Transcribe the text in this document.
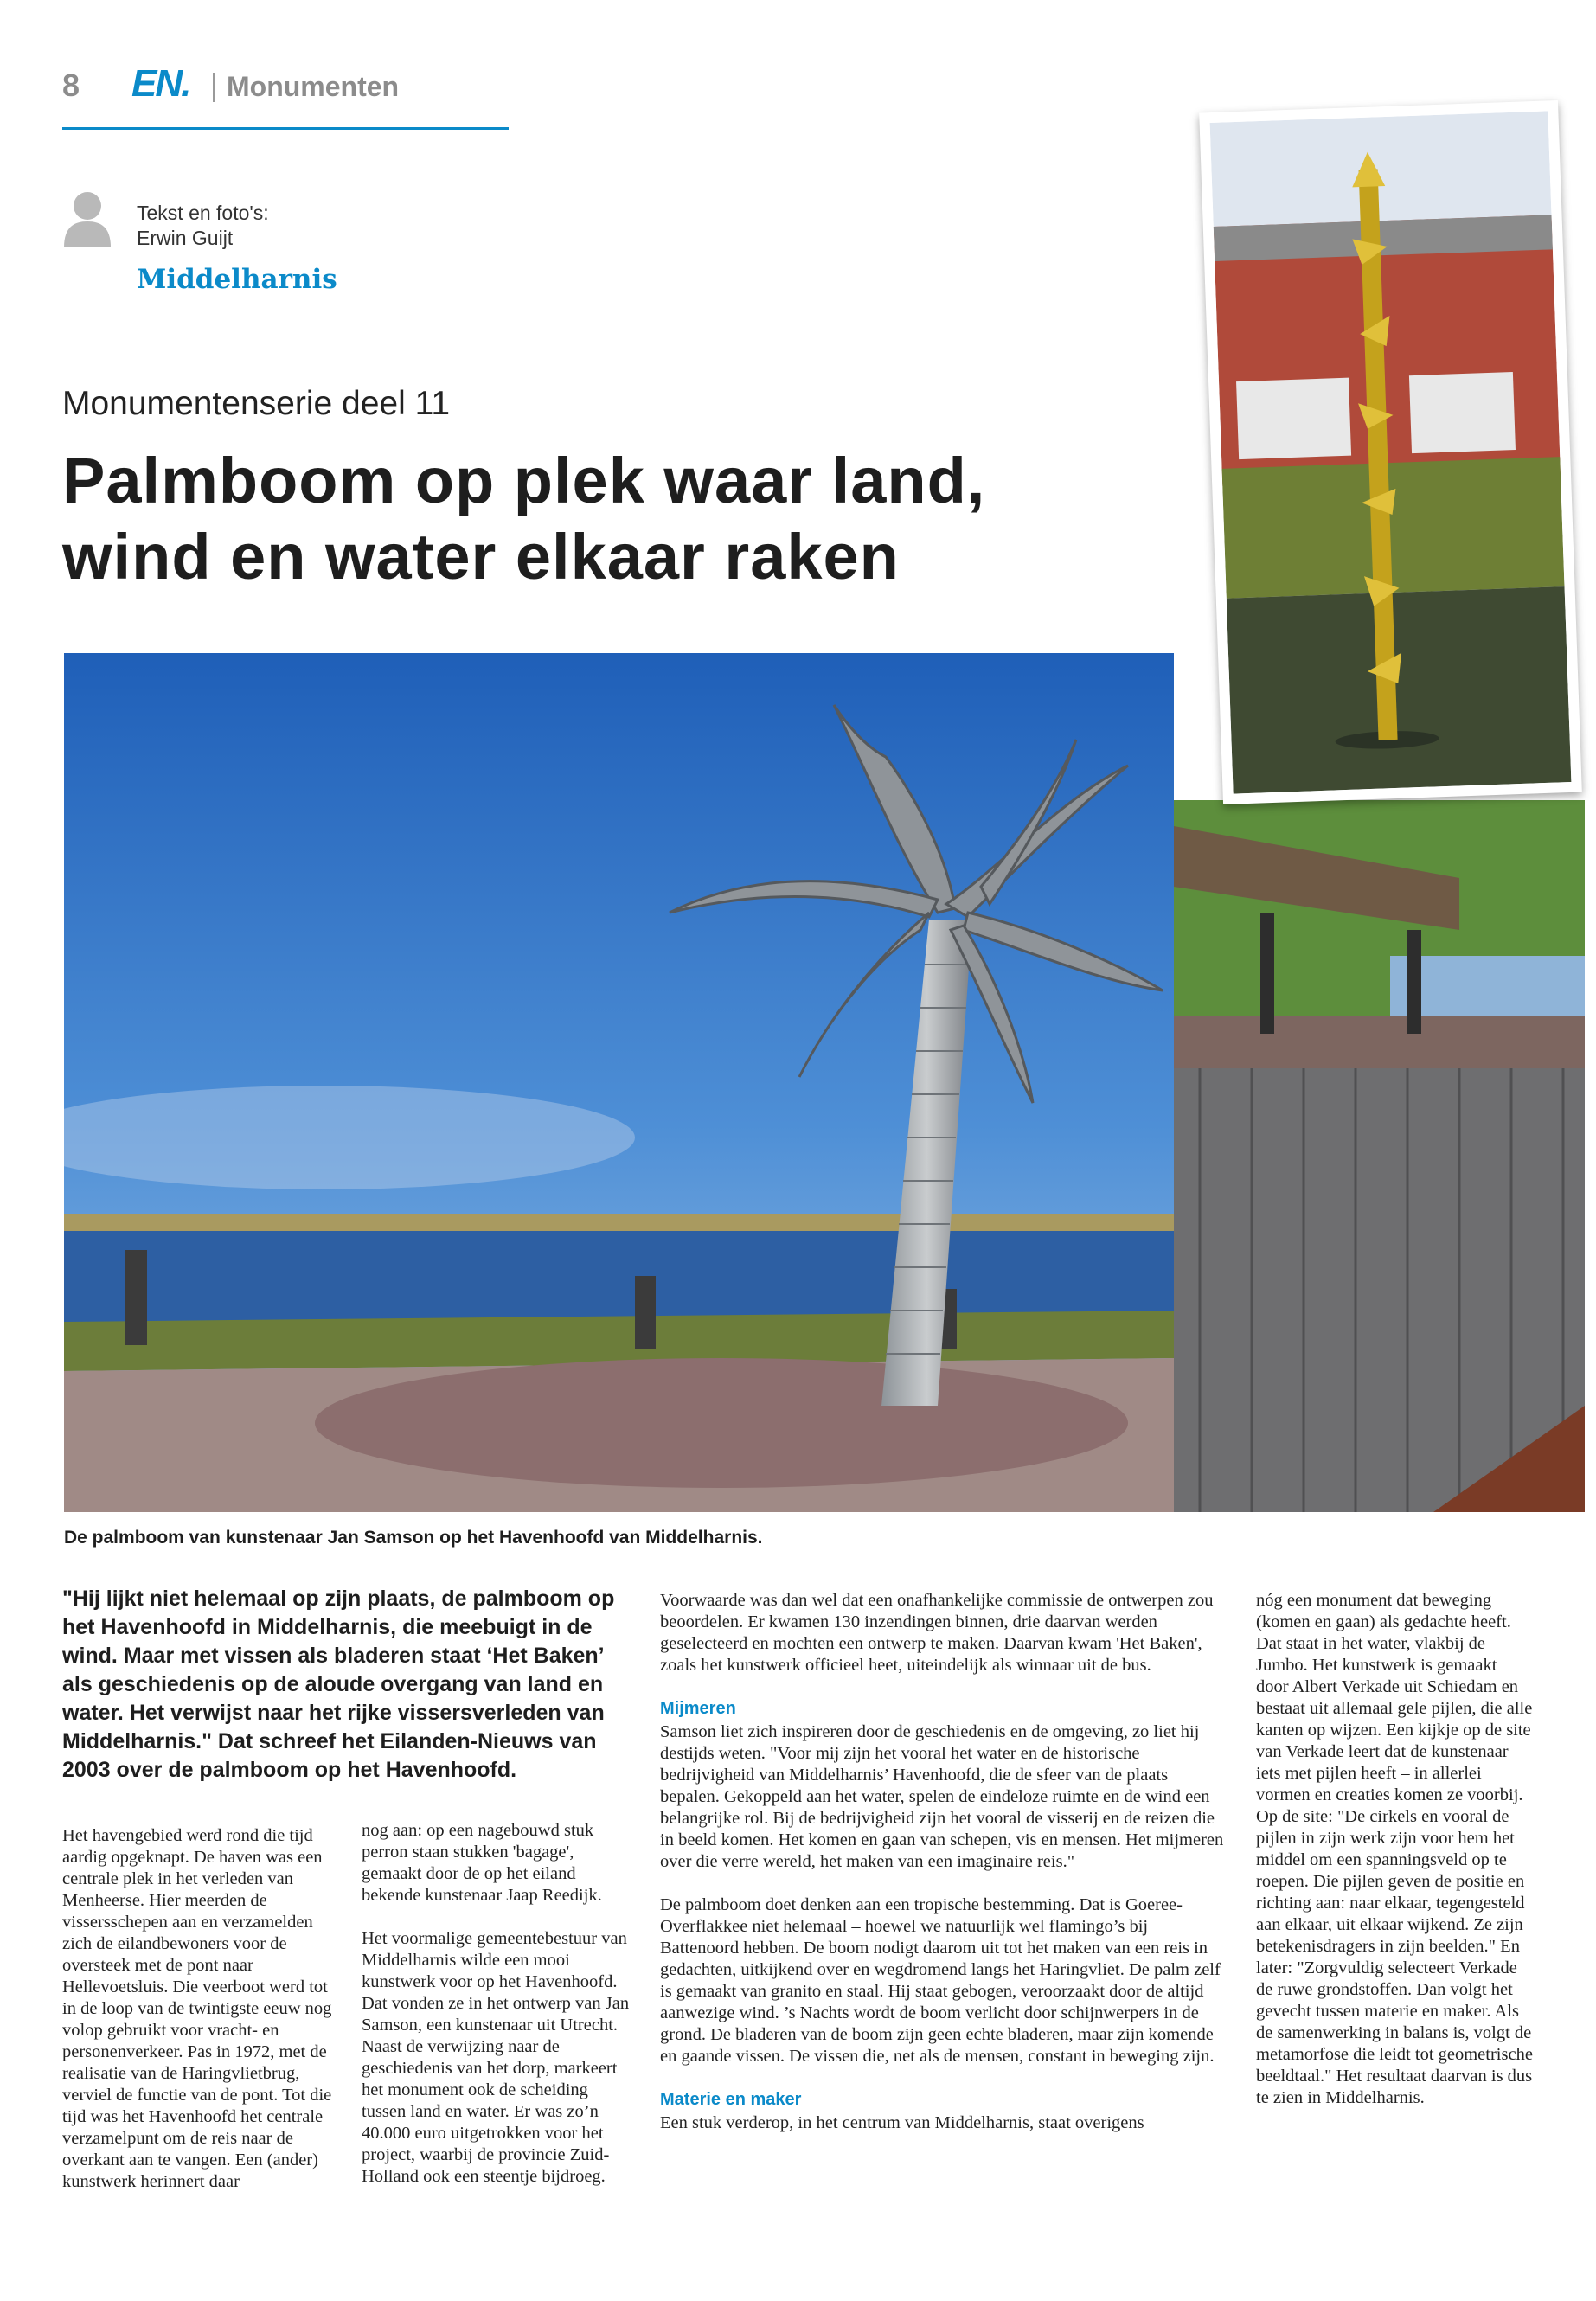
8 EN. Monumenten
Tekst en foto's:
Erwin Guijt
Middelharnis
Monumentenserie deel 11
Palmboom op plek waar land,
wind en water elkaar raken
De palmboom van kunstenaar Jan Samson op het Havenhoofd van Middelharnis.
"Hij lijkt niet helemaal op zijn plaats, de palmboom op het Havenhoofd in Middelharnis, die meebuigt in de wind. Maar met vissen als bladeren staat ‘Het Baken’ als geschiedenis op de aloude overgang van land en water. Het verwijst naar het rijke vissersverleden van Middelharnis." Dat schreef het Eilanden-Nieuws van 2003 over de palmboom op het Havenhoofd.

Het havengebied werd rond die tijd aardig opgeknapt. De haven was een centrale plek in het verleden van Menheerse. Hier meerden de vissersschepen aan en verzamelden zich de eilandbewoners voor de oversteek met de pont naar Hellevoetsluis. Die veerboot werd tot in de loop van de twintigste eeuw nog volop gebruikt voor vracht- en personenverkeer. Pas in 1972, met de realisatie van de Haringvlietbrug, verviel de functie van de pont. Tot die tijd was het Havenhoofd het centrale verzamelpunt om de reis naar de overkant aan te vangen. Een (ander) kunstwerk herinnert daar

nog aan: op een nagebouwd stuk perron staan stukken 'bagage', gemaakt door de op het eiland bekende kunstenaar Jaap Reedijk.

Het voormalige gemeentebestuur van Middelharnis wilde een mooi kunstwerk voor op het Havenhoofd. Dat vonden ze in het ontwerp van Jan Samson, een kunstenaar uit Utrecht. Naast de verwijzing naar de geschiedenis van het dorp, markeert het monument ook de scheiding tussen land en water. Er was zo’n 40.000 euro uitgetrokken voor het project, waarbij de provincie Zuid-Holland ook een steentje bijdroeg.

Voorwaarde was dan wel dat een onafhankelijke commissie de ontwerpen zou beoordelen. Er kwamen 130 inzendingen binnen, drie daarvan werden geselecteerd en mochten een ontwerp te maken. Daarvan kwam 'Het Baken', zoals het kunstwerk officieel heet, uiteindelijk als winnaar uit de bus.

Mijmeren

Samson liet zich inspireren door de geschiedenis en de omgeving, zo liet hij destijds weten. "Voor mij zijn het vooral het water en de historische bedrijvigheid van Middelharnis’ Havenhoofd, die de sfeer van de plaats bepalen. Gekoppeld aan het water, spelen de eindeloze ruimte en de wind een belangrijke rol. Bij de bedrijvigheid zijn het vooral de visserij en de reizen die in beeld komen. Het komen en gaan van schepen, vis en mensen. Het mijmeren over die verre wereld, het maken van een imaginaire reis."

De palmboom doet denken aan een tropische bestemming. Dat is Goeree-Overflakkee niet helemaal – hoewel we natuurlijk wel flamingo’s bij Battenoord hebben. De boom nodigt daarom uit tot het maken van een reis in gedachten, uitkijkend over en wegdromend langs het Haringvliet. De palm zelf is gemaakt van granito en staal. Hij staat gebogen, veroorzaakt door de altijd aanwezige wind. ’s Nachts wordt de boom verlicht door schijnwerpers in de grond. De bladeren van de boom zijn geen echte bladeren, maar zijn komende en gaande vissen. De vissen die, net als de mensen, constant in beweging zijn.

Materie en maker

Een stuk verderop, in het centrum van Middelharnis, staat overigens

nóg een monument dat beweging (komen en gaan) als gedachte heeft. Dat staat in het water, vlakbij de Jumbo. Het kunstwerk is gemaakt door Albert Verkade uit Schiedam en bestaat uit allemaal gele pijlen, die alle kanten op wijzen. Een kijkje op de site van Verkade leert dat de kunstenaar iets met pijlen heeft – in allerlei vormen en creaties komen ze voorbij. Op de site: "De cirkels en vooral de pijlen in zijn werk zijn voor hem het middel om een spanningsveld op te roepen. Die pijlen geven de positie en richting aan: naar elkaar, tegengesteld aan elkaar, uit elkaar wijkend. Ze zijn betekenisdragers in zijn beelden." En later: "Zorgvuldig selecteert Verkade de ruwe grondstoffen. Dan volgt het gevecht tussen materie en maker. Als de samenwerking in balans is, volgt de metamorfose die leidt tot geometrische beeldtaal." Het resultaat daarvan is dus te zien in Middelharnis.
